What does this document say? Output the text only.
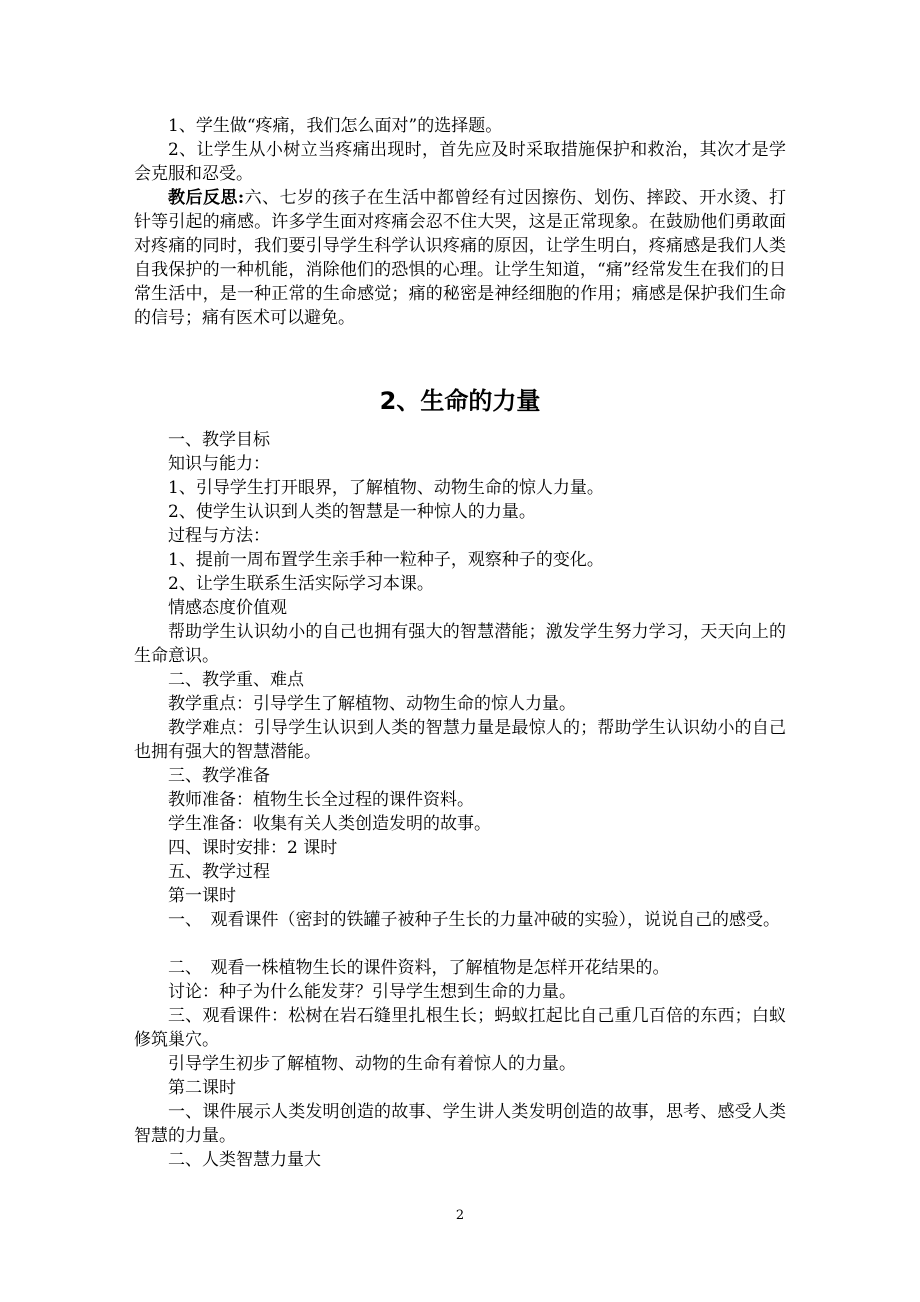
1、学生做“疼痛，我们怎么面对”的选择题。

2、让学生从小树立当疼痛出现时，首先应及时采取措施保护和救治，其次才是学会克服和忍受。

教后反思:六、七岁的孩子在生活中都曾经有过因擦伤、划伤、摔跤、开水烫、打针等引起的痛感。许多学生面对疼痛会忍不住大哭，这是正常现象。在鼓励他们勇敢面对疼痛的同时，我们要引导学生科学认识疼痛的原因，让学生明白，疼痛感是我们人类自我保护的一种机能，消除他们的恐惧的心理。让学生知道，“痛”经常发生在我们的日常生活中，是一种正常的生命感觉；痛的秘密是神经细胞的作用；痛感是保护我们生命的信号；痛有医术可以避免。

2、生命的力量

一、教学目标

知识与能力：

1、引导学生打开眼界，了解植物、动物生命的惊人力量。

2、使学生认识到人类的智慧是一种惊人的力量。

过程与方法：

1、提前一周布置学生亲手种一粒种子，观察种子的变化。

2、让学生联系生活实际学习本课。

情感态度价值观

帮助学生认识幼小的自己也拥有强大的智慧潜能；激发学生努力学习，天天向上的生命意识。

二、教学重、难点

教学重点：引导学生了解植物、动物生命的惊人力量。

教学难点：引导学生认识到人类的智慧力量是最惊人的；帮助学生认识幼小的自己也拥有强大的智慧潜能。

三、教学准备

教师准备：植物生长全过程的课件资料。

学生准备：收集有关人类创造发明的故事。

四、课时安排：2 课时

五、教学过程

第一课时

一、　观看课件（密封的铁罐子被种子生长的力量冲破的实验），说说自己的感受。

二、　观看一株植物生长的课件资料，了解植物是怎样开花结果的。

讨论：种子为什么能发芽？引导学生想到生命的力量。

三、观看课件：松树在岩石缝里扎根生长；蚂蚁扛起比自己重几百倍的东西；白蚁修筑巢穴。

引导学生初步了解植物、动物的生命有着惊人的力量。

第二课时

一、课件展示人类发明创造的故事、学生讲人类发明创造的故事，思考、感受人类智慧的力量。

二、人类智慧力量大

2
